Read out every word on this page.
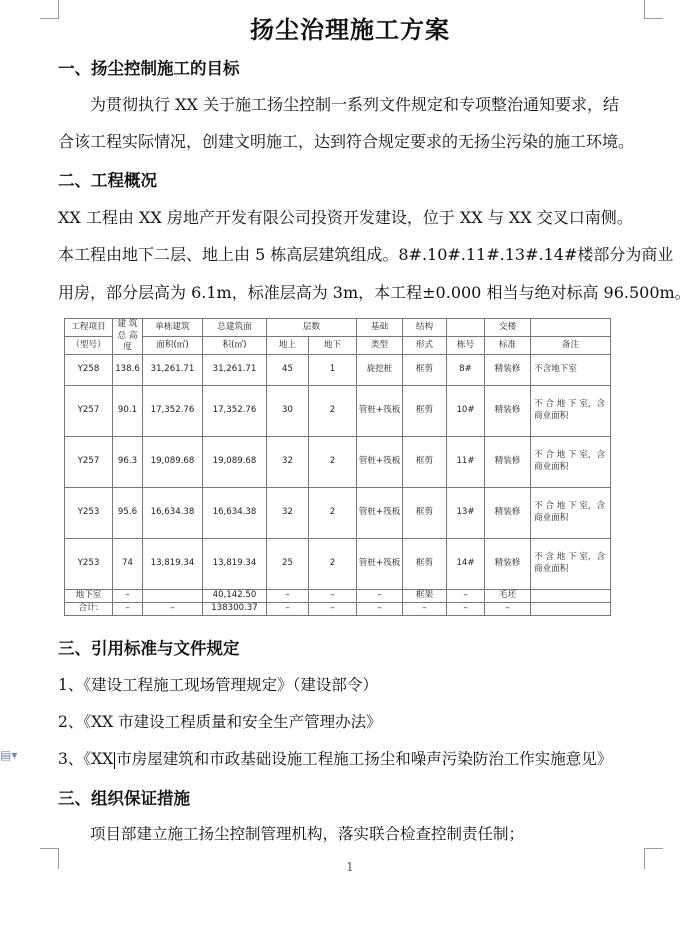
扬尘治理施工方案
一、扬尘控制施工的目标
为贯彻执行 XX 关于施工扬尘控制一系列文件规定和专项整治通知要求，结
合该工程实际情况，创建文明施工，达到符合规定要求的无扬尘污染的施工环境。
二、工程概况
XX 工程由 XX 房地产开发有限公司投资开发建设，位于 XX 与 XX 交叉口南侧。
本工程由地下二层、地上由 5 栋高层建筑组成。8#.10#.11#.13#.14#楼部分为商业
用房，部分层高为 6.1m，标准层高为 3m，本工程±0.000 相当与绝对标高 96.500m。
工程项目	建 筑 总 高 度	单栋建筑	总建筑面	层数		基础	结构		交楼	
（型号）		面积(㎡)	积(㎡)	地上	地下	类型	形式	栋号	标准	备注
Y258	138.6	31,261.71	31,261.71	45	1	旋挖桩	框剪	8#	精装修	不含地下室
Y257	90.1	17,352.76	17,352.76	30	2	管桩+筏板	框剪	10#	精装修	不 合 地 下 室，含商业面积
Y257	96.3	19,089.68	19,089.68	32	2	管桩+筏板	框剪	11#	精装修	不 合 地 下 室，含商业面积
Y253	95.6	16,634.38	16,634.38	32	2	管桩+筏板	框剪	13#	精装修	不 合 地 下 室，含商业面积
Y253	74	13,819.34	13,819.34	25	2	管桩+筏板	框剪	14#	精装修	不 含 地 下 室，含商业面积
地下室	–		40,142.50	–	–	–	框架	–	毛坯	
合计:	–	–	138300.37	–	–	–	–	–	–	
三、引用标准与文件规定
1、《建设工程施工现场管理规定》（建设部令）
2、《XX 市建设工程质量和安全生产管理办法》
3、《XX 市房屋建筑和市政基础设施工程施工扬尘和噪声污染防治工作实施意见》
▤▾
三、组织保证措施
项目部建立施工扬尘控制管理机构，落实联合检查控制责任制；
1
